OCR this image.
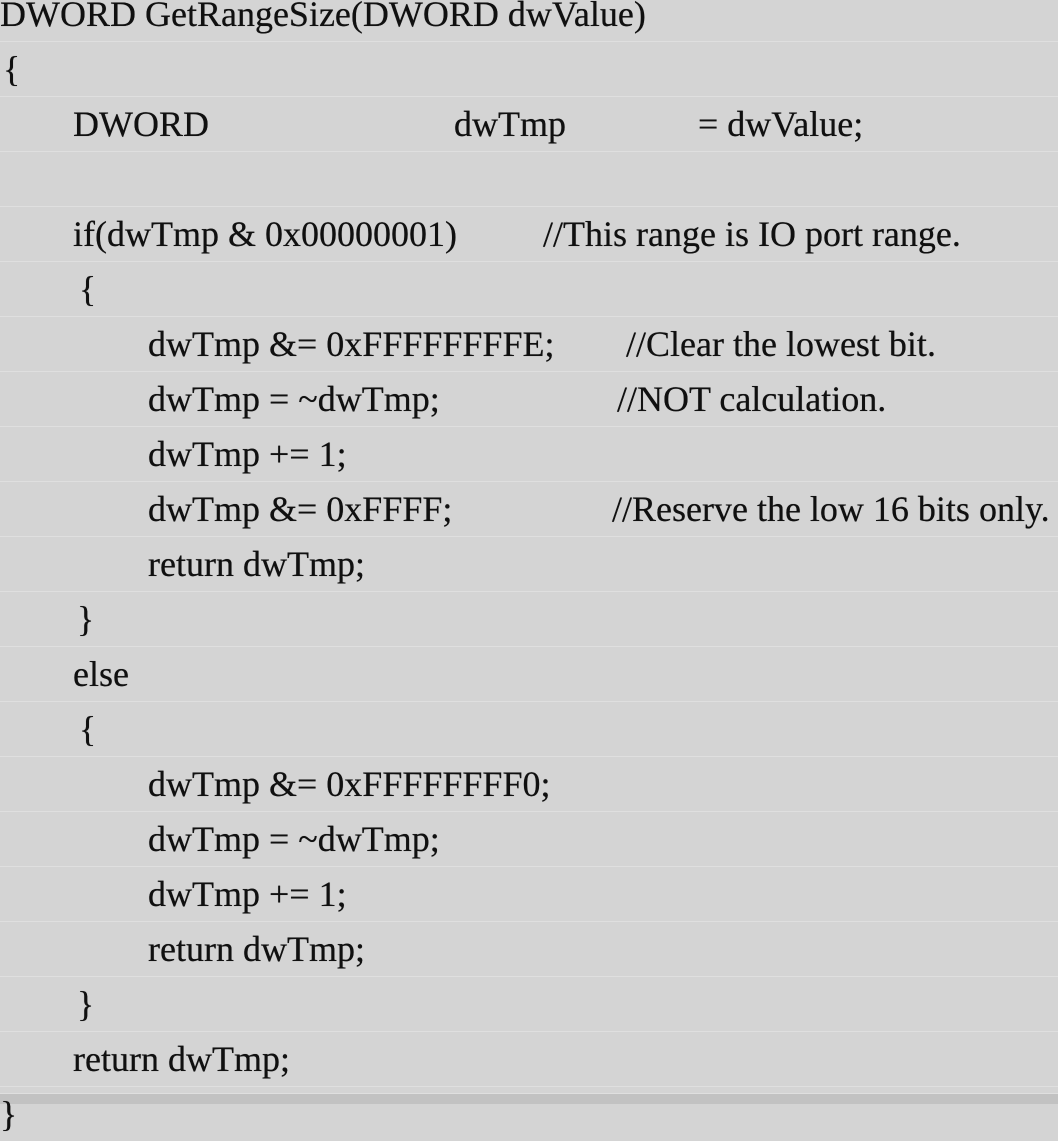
DWORD GetRangeSize(DWORD dwValue)
{
DWORD	dwTmp	= dwValue;
if(dwTmp & 0x00000001) //This range is IO port range.
{
dwTmp &= 0xFFFFFFFFE; //Clear the lowest bit.
dwTmp = ~dwTmp;	//NOT calculation.
dwTmp += 1;
dwTmp &= 0xFFFF;	//Reserve the low 16 bits only.
return dwTmp;
}
else
{
dwTmp &= 0xFFFFFFFF0;
dwTmp = ~dwTmp;
dwTmp += 1;
return dwTmp;
}
return dwTmp;
}
